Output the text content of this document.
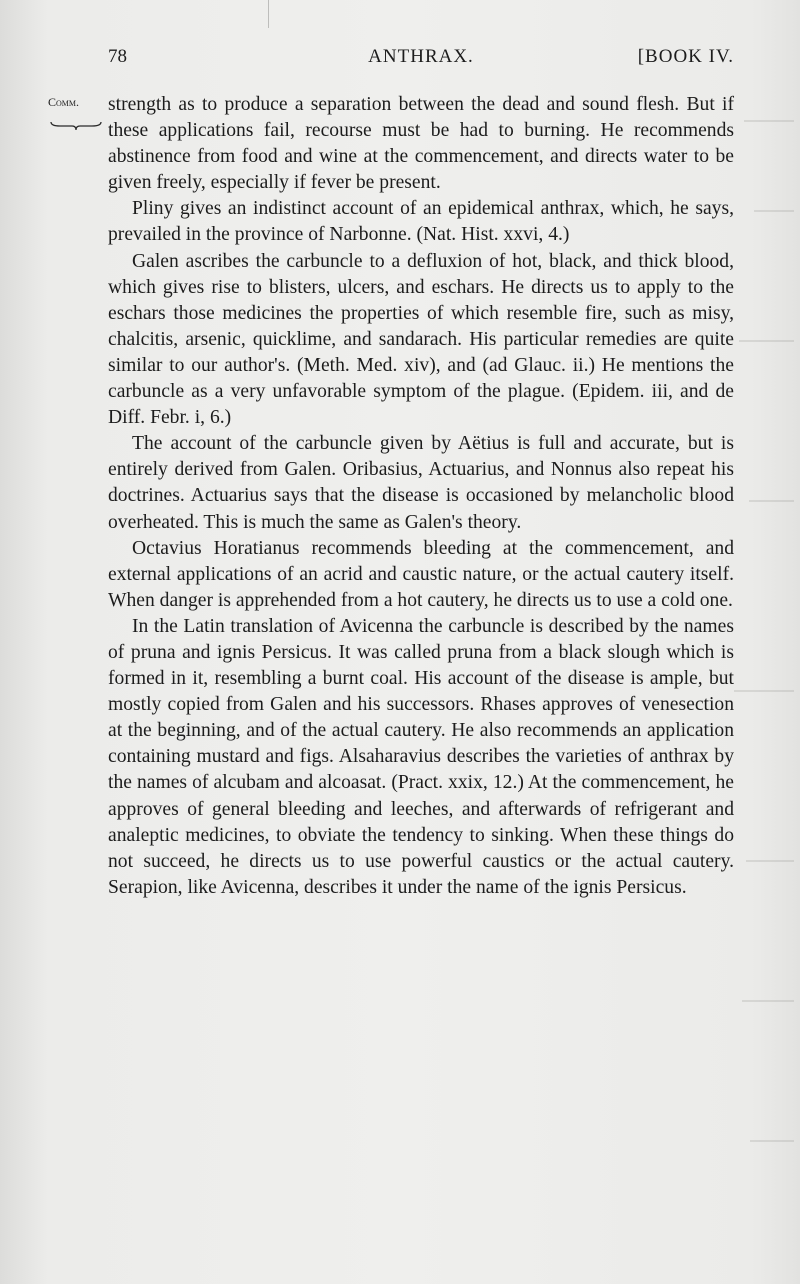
78	ANTHRAX.	[BOOK IV.
Comm.	strength as to produce a separation between the dead and sound flesh. But if these applications fail, recourse must be had to burning. He recommends abstinence from food and wine at the commencement, and directs water to be given freely, especially if fever be present.

Pliny gives an indistinct account of an epidemical anthrax, which, he says, prevailed in the province of Narbonne. (Nat. Hist. xxvi, 4.)

Galen ascribes the carbuncle to a defluxion of hot, black, and thick blood, which gives rise to blisters, ulcers, and eschars. He directs us to apply to the eschars those medicines the properties of which resemble fire, such as misy, chalcitis, arsenic, quicklime, and sandarach. His particular remedies are quite similar to our author's. (Meth. Med. xiv), and (ad Glauc. ii.) He mentions the carbuncle as a very unfavorable symptom of the plague. (Epidem. iii, and de Diff. Febr. i, 6.)

The account of the carbuncle given by Aëtius is full and accurate, but is entirely derived from Galen. Oribasius, Actuarius, and Nonnus also repeat his doctrines. Actuarius says that the disease is occasioned by melancholic blood overheated. This is much the same as Galen's theory.

Octavius Horatianus recommends bleeding at the commencement, and external applications of an acrid and caustic nature, or the actual cautery itself. When danger is apprehended from a hot cautery, he directs us to use a cold one.

In the Latin translation of Avicenna the carbuncle is described by the names of pruna and ignis Persicus. It was called pruna from a black slough which is formed in it, resembling a burnt coal. His account of the disease is ample, but mostly copied from Galen and his successors. Rhases approves of venesection at the beginning, and of the actual cautery. He also recommends an application containing mustard and figs. Alsaharavius describes the varieties of anthrax by the names of alcubam and alcoasat. (Pract. xxix, 12.) At the commencement, he approves of general bleeding and leeches, and afterwards of refrigerant and analeptic medicines, to obviate the tendency to sinking. When these things do not succeed, he directs us to use powerful caustics or the actual cautery. Serapion, like Avicenna, describes it under the name of the ignis Persicus.
